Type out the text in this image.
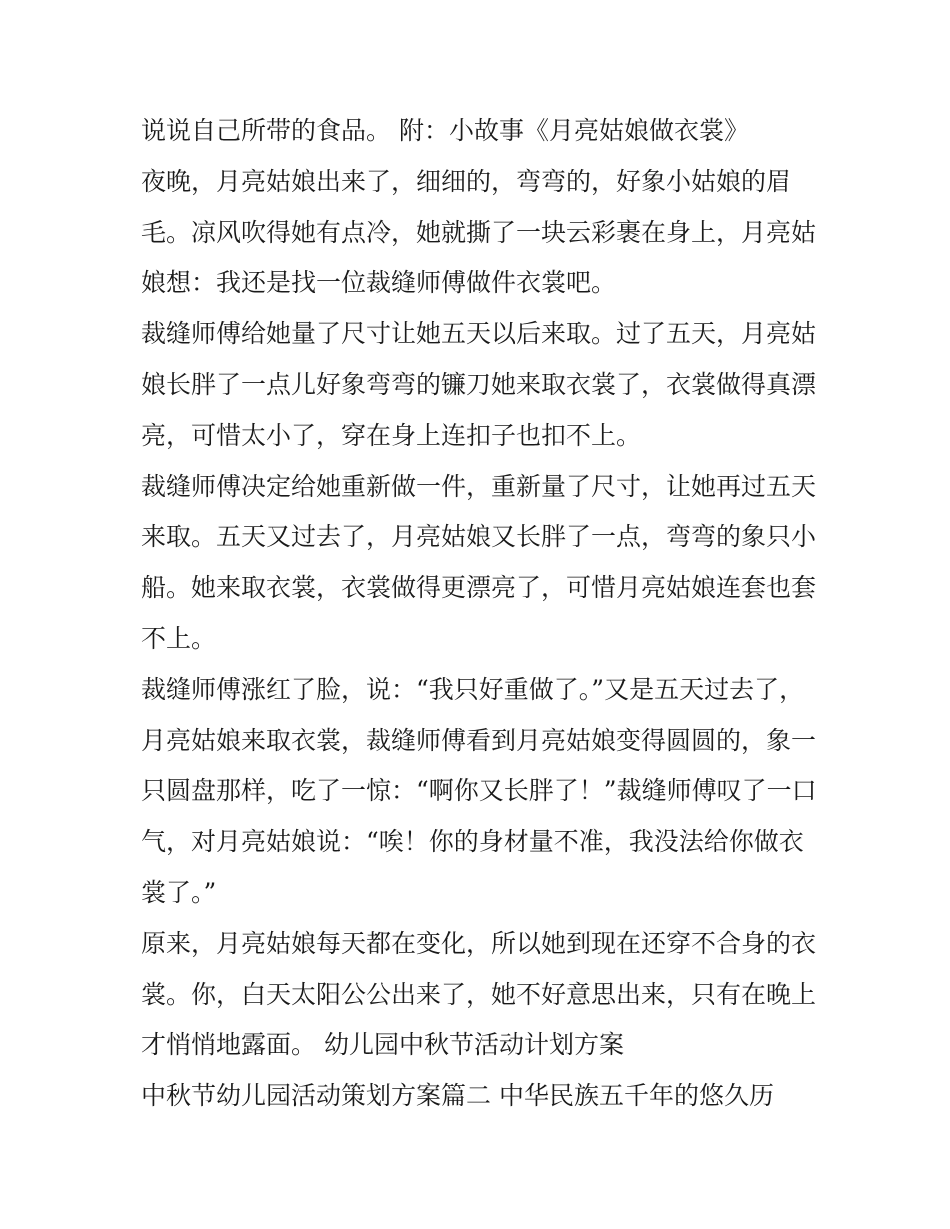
说说自己所带的食品。 附：小故事《月亮姑娘做衣裳》
夜晚，月亮姑娘出来了，细细的，弯弯的，好象小姑娘的眉
毛。凉风吹得她有点冷，她就撕了一块云彩裹在身上，月亮姑
娘想：我还是找一位裁缝师傅做件衣裳吧。
裁缝师傅给她量了尺寸让她五天以后来取。过了五天，月亮姑
娘长胖了一点儿好象弯弯的镰刀她来取衣裳了，衣裳做得真漂
亮，可惜太小了，穿在身上连扣子也扣不上。
裁缝师傅决定给她重新做一件，重新量了尺寸，让她再过五天
来取。五天又过去了，月亮姑娘又长胖了一点，弯弯的象只小
船。她来取衣裳，衣裳做得更漂亮了，可惜月亮姑娘连套也套
不上。
裁缝师傅涨红了脸，说：“我只好重做了。”又是五天过去了，
月亮姑娘来取衣裳，裁缝师傅看到月亮姑娘变得圆圆的，象一
只圆盘那样，吃了一惊：“啊你又长胖了！”裁缝师傅叹了一口
气，对月亮姑娘说：“唉！你的身材量不准，我没法给你做衣
裳了。”
原来，月亮姑娘每天都在变化，所以她到现在还穿不合身的衣
裳。你，白天太阳公公出来了，她不好意思出来，只有在晚上
才悄悄地露面。 幼儿园中秋节活动计划方案
中秋节幼儿园活动策划方案篇二 中华民族五千年的悠久历
